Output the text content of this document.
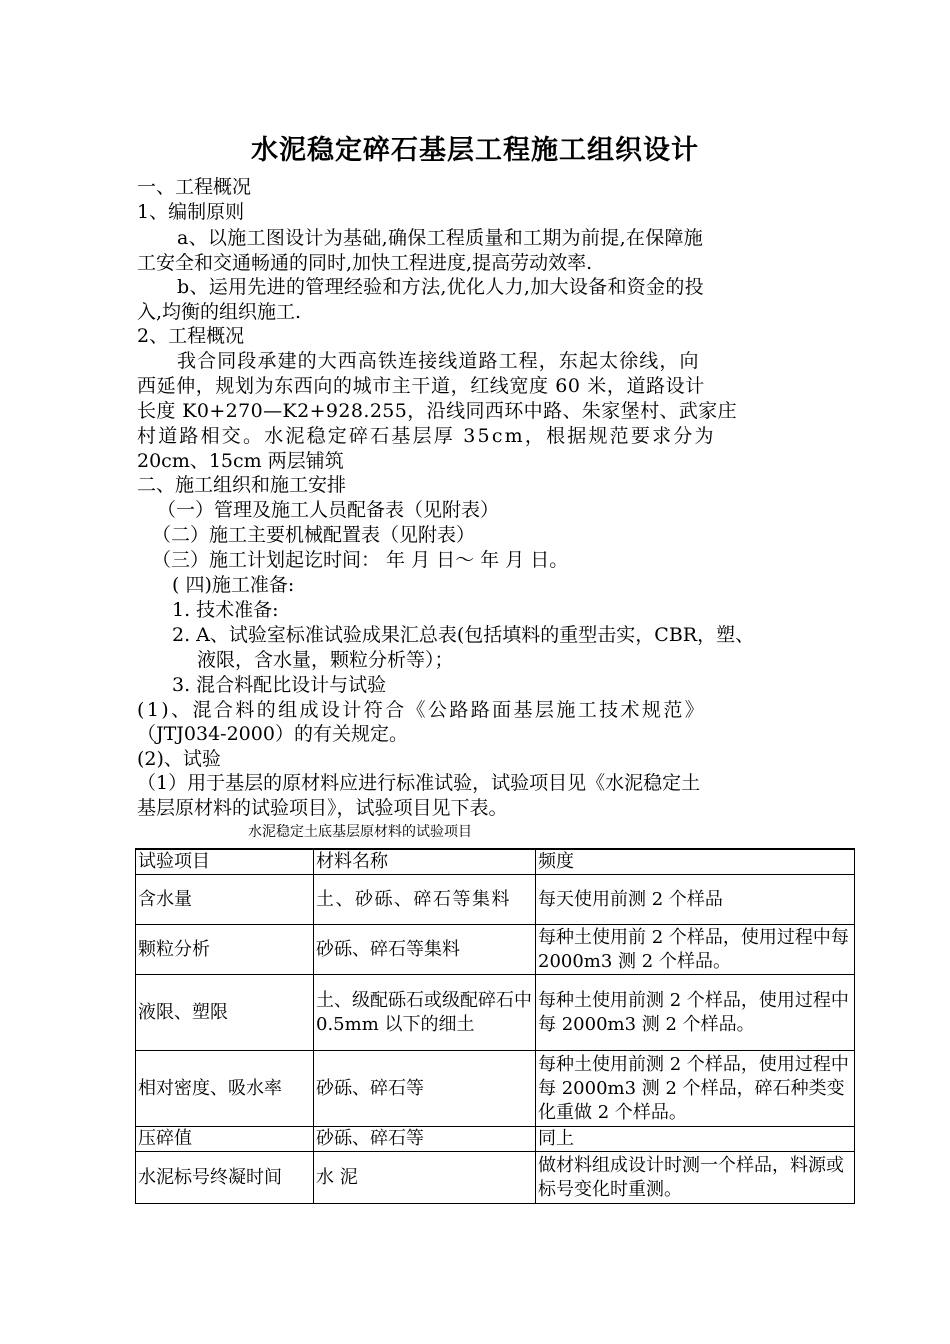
水泥稳定碎石基层工程施工组织设计
一、工程概况
1、编制原则
a、以施工图设计为基础,确保工程质量和工期为前提,在保障施
工安全和交通畅通的同时,加快工程进度,提高劳动效率.
b、运用先进的管理经验和方法,优化人力,加大设备和资金的投
入,均衡的组织施工.
2、工程概况
我合同段承建的大西高铁连接线道路工程，东起太徐线，向
西延伸，规划为东西向的城市主干道，红线宽度 60 米，道路设计
长度 K0+270—K2+928.255，沿线同西环中路、朱家堡村、武家庄
村道路相交。水泥稳定碎石基层厚 35cm，根据规范要求分为
20cm、15cm 两层铺筑
二、施工组织和施工安排
（一）管理及施工人员配备表（见附表）
（二）施工主要机械配置表（见附表）
（三）施工计划起讫时间： 年 月 日～ 年 月 日。
( 四)施工准备:
1. 技术准备:
2. A、试验室标准试验成果汇总表(包括填料的重型击实，CBR，塑、
液限，含水量，颗粒分析等）；
3. 混合料配比设计与试验
(1)、混合料的组成设计符合《公路路面基层施工技术规范》
（JTJ034-2000）的有关规定。
(2)、试验
（1）用于基层的原材料应进行标准试验，试验项目见《水泥稳定土
基层原材料的试验项目》，试验项目见下表。
水泥稳定土底基层原材料的试验项目
试验项目	材料名称	频度
含水量	土、砂砾、碎石等集料	每天使用前测 2 个样品
颗粒分析	砂砾、碎石等集料	每种土使用前 2 个样品，使用过程中每 2000m3 测 2 个样品。
液限、塑限	土、级配砾石或级配碎石中 0.5mm 以下的细土	每种土使用前测 2 个样品，使用过程中每 2000m3 测 2 个样品。
相对密度、吸水率	砂砾、碎石等	每种土使用前测 2 个样品，使用过程中每 2000m3 测 2 个样品，碎石种类变化重做 2 个样品。
压碎值	砂砾、碎石等	同上
水泥标号终凝时间	水 泥	做材料组成设计时测一个样品，料源或标号变化时重测。
